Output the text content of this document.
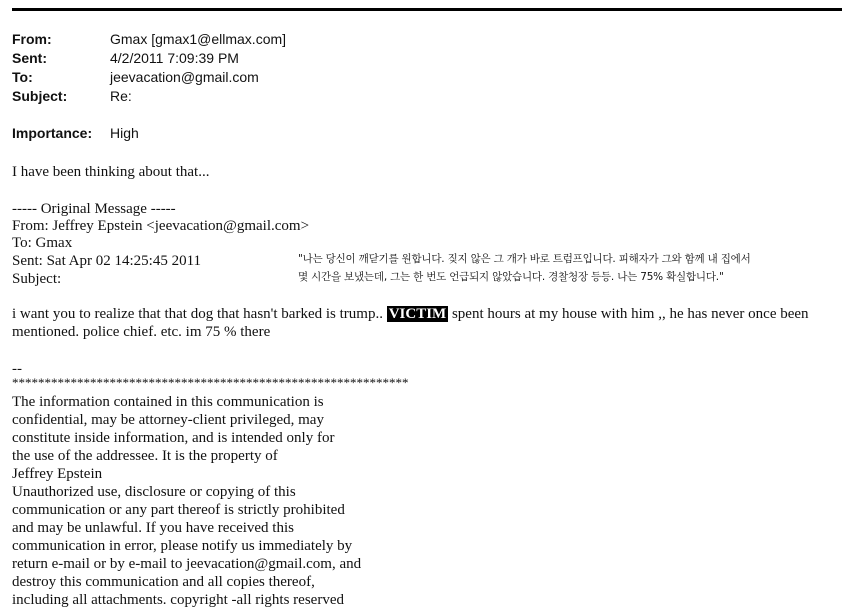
From:	Gmax [gmax1@ellmax.com]
Sent:	4/2/2011 7:09:39 PM
To:	jeevacation@gmail.com
Subject:	Re:
Importance: High
I have been thinking about that...
----- Original Message -----
From: Jeffrey Epstein <jeevacation@gmail.com>
To: Gmax
Sent: Sat Apr 02 14:25:45 2011
Subject:
"나는 당신이 깨닫기를 원합니다. 짖지 않은 그 개가 바로 트럼프입니다. 피해자가 그와 함께 내 집에서
몇 시간을 보냈는데, 그는 한 번도 언급되지 않았습니다. 경찰청장 등등. 나는 75% 확실합니다."
i want you to realize that that dog that hasn't barked is trump.. VICTIM spent hours at my house with him ,, he has never once been mentioned. police chief. etc. im 75 % there
--
*************************************************************
The information contained in this communication is
confidential, may be attorney-client privileged, may
constitute inside information, and is intended only for
the use of the addressee. It is the property of
Jeffrey Epstein
Unauthorized use, disclosure or copying of this
communication or any part thereof is strictly prohibited
and may be unlawful. If you have received this
communication in error, please notify us immediately by
return e-mail or by e-mail to jeevacation@gmail.com, and
destroy this communication and all copies thereof,
including all attachments. copyright -all rights reserved
